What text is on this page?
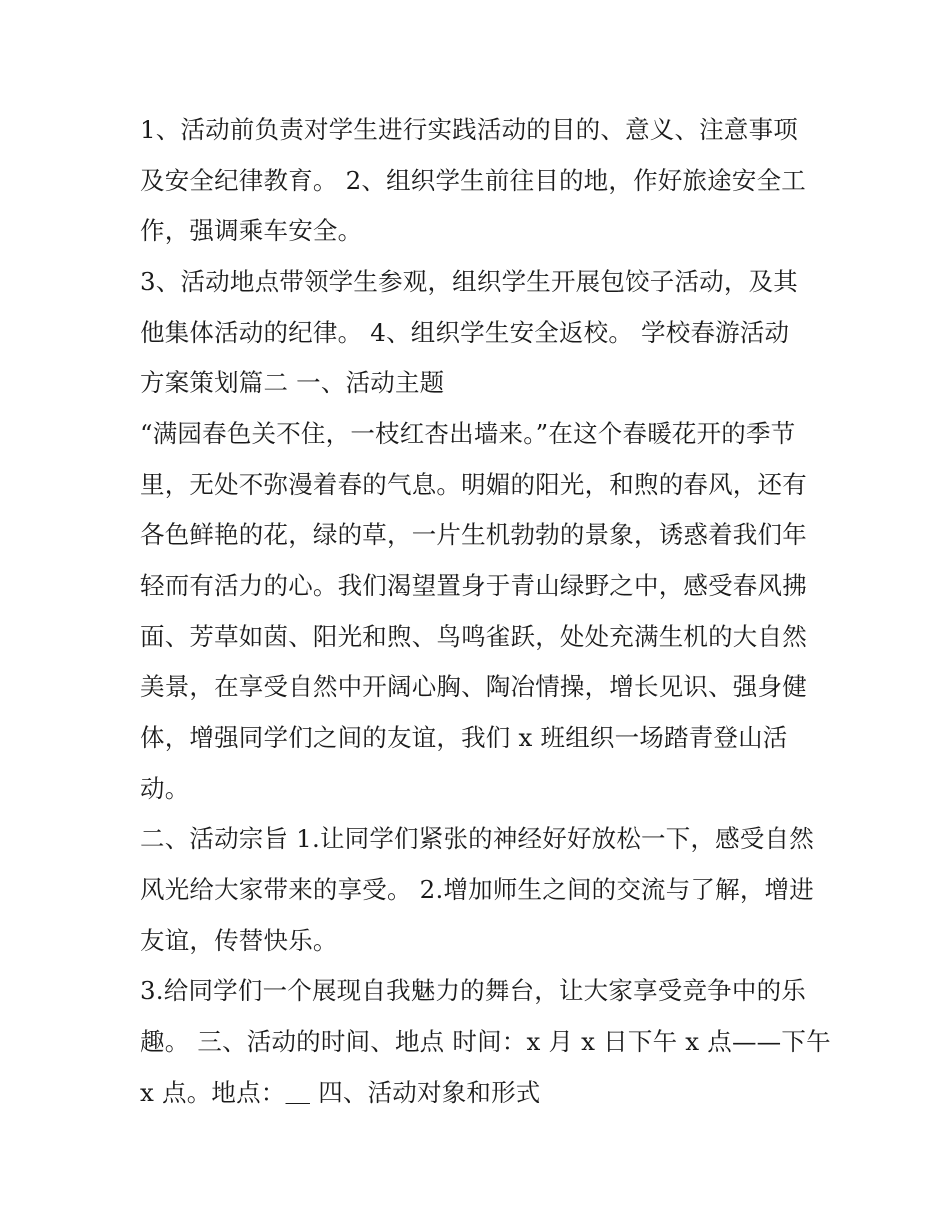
1、活动前负责对学生进行实践活动的目的、意义、注意事项
及安全纪律教育。 2、组织学生前往目的地，作好旅途安全工
作，强调乘车安全。
3、活动地点带领学生参观，组织学生开展包饺子活动，及其
他集体活动的纪律。 4、组织学生安全返校。 学校春游活动
方案策划篇二 一、活动主题
“满园春色关不住，一枝红杏出墙来。”在这个春暖花开的季节
里，无处不弥漫着春的气息。明媚的阳光，和煦的春风，还有
各色鲜艳的花，绿的草，一片生机勃勃的景象，诱惑着我们年
轻而有活力的心。我们渴望置身于青山绿野之中，感受春风拂
面、芳草如茵、阳光和煦、鸟鸣雀跃，处处充满生机的大自然
美景，在享受自然中开阔心胸、陶冶情操，增长见识、强身健
体，增强同学们之间的友谊，我们 x 班组织一场踏青登山活
动。
二、活动宗旨 1.让同学们紧张的神经好好放松一下，感受自然
风光给大家带来的享受。 2.增加师生之间的交流与了解，增进
友谊，传替快乐。
3.给同学们一个展现自我魅力的舞台，让大家享受竞争中的乐
趣。 三、活动的时间、地点 时间：x 月 x 日下午 x 点——下午
x 点。地点：＿ 四、活动对象和形式
